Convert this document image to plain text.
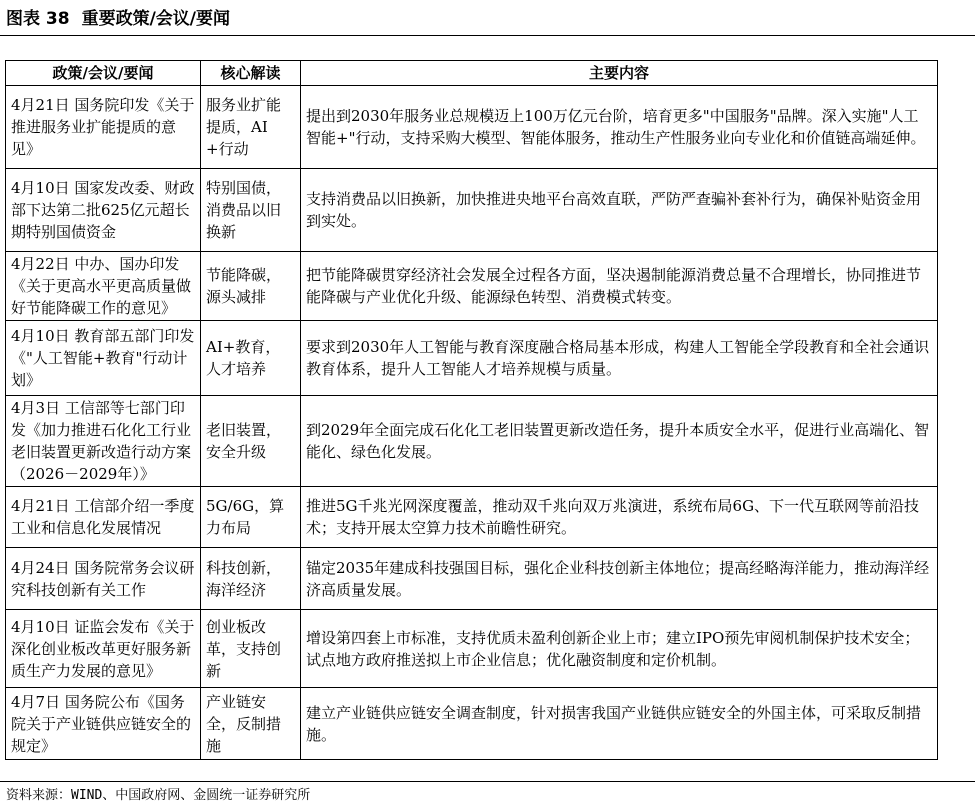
图表 38 重要政策/会议/要闻
政策/会议/要闻	核心解读	主要内容
4月21日 国务院印发《关于推进服务业扩能提质的意见》	服务业扩能提质，AI+行动	提出到2030年服务业总规模迈上100万亿元台阶，培育更多"中国服务"品牌。深入实施"人工智能+"行动，支持采购大模型、智能体服务，推动生产性服务业向专业化和价值链高端延伸。
4月10日 国家发改委、财政部下达第二批625亿元超长期特别国债资金	特别国债，消费品以旧换新	支持消费品以旧换新，加快推进央地平台高效直联，严防严查骗补套补行为，确保补贴资金用到实处。
4月22日 中办、国办印发《关于更高水平更高质量做好节能降碳工作的意见》	节能降碳，源头减排	把节能降碳贯穿经济社会发展全过程各方面，坚决遏制能源消费总量不合理增长，协同推进节能降碳与产业优化升级、能源绿色转型、消费模式转变。
4月10日 教育部五部门印发《"人工智能+教育"行动计划》	AI+教育，人才培养	要求到2030年人工智能与教育深度融合格局基本形成，构建人工智能全学段教育和全社会通识教育体系，提升人工智能人才培养规模与质量。
4月3日 工信部等七部门印发《加力推进石化化工行业老旧装置更新改造行动方案（2026－2029年）》	老旧装置，安全升级	到2029年全面完成石化化工老旧装置更新改造任务，提升本质安全水平，促进行业高端化、智能化、绿色化发展。
4月21日 工信部介绍一季度工业和信息化发展情况	5G/6G，算力布局	推进5G千兆光网深度覆盖，推动双千兆向双万兆演进，系统布局6G、下一代互联网等前沿技术；支持开展太空算力技术前瞻性研究。
4月24日 国务院常务会议研究科技创新有关工作	科技创新，海洋经济	锚定2035年建成科技强国目标，强化企业科技创新主体地位；提高经略海洋能力，推动海洋经济高质量发展。
4月10日 证监会发布《关于深化创业板改革更好服务新质生产力发展的意见》	创业板改革，支持创新	增设第四套上市标准，支持优质未盈利创新企业上市；建立IPO预先审阅机制保护技术安全；试点地方政府推送拟上市企业信息；优化融资制度和定价机制。
4月7日 国务院公布《国务院关于产业链供应链安全的规定》	产业链安全，反制措施	建立产业链供应链安全调查制度，针对损害我国产业链供应链安全的外国主体，可采取反制措施。
资料来源：WIND、中国政府网、金圆统一证券研究所
